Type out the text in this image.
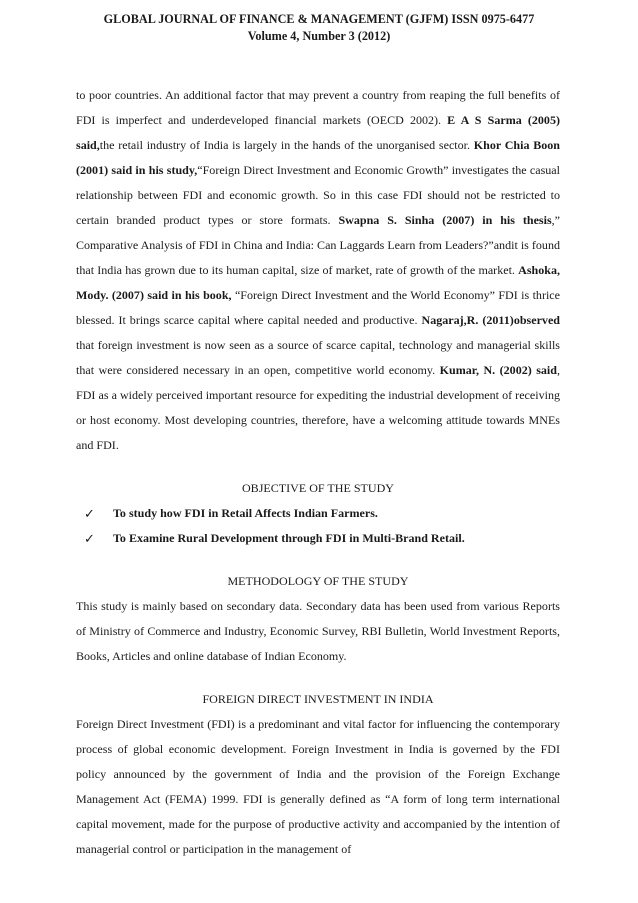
GLOBAL JOURNAL OF FINANCE & MANAGEMENT (GJFM) ISSN 0975-6477
Volume 4, Number 3 (2012)

to poor countries. An additional factor that may prevent a country from reaping the full benefits of FDI is imperfect and underdeveloped financial markets (OECD 2002). E A S Sarma (2005) said,the retail industry of India is largely in the hands of the unorganised sector. Khor Chia Boon (2001) said in his study,“Foreign Direct Investment and Economic Growth” investigates the casual relationship between FDI and economic growth. So in this case FDI should not be restricted to certain branded product types or store formats. Swapna S. Sinha (2007) in his thesis,” Comparative Analysis of FDI in China and India: Can Laggards Learn from Leaders?”andit is found that India has grown due to its human capital, size of market, rate of growth of the market. Ashoka, Mody. (2007) said in his book, “Foreign Direct Investment and the World Economy” FDI is thrice blessed. It brings scarce capital where capital needed and productive. Nagaraj,R. (2011)observed that foreign investment is now seen as a source of scarce capital, technology and managerial skills that were considered necessary in an open, competitive world economy. Kumar, N. (2002) said, FDI as a widely perceived important resource for expediting the industrial development of receiving or host economy. Most developing countries, therefore, have a welcoming attitude towards MNEs and FDI.

OBJECTIVE OF THE STUDY

✓ To study how FDI in Retail Affects Indian Farmers.
✓ To Examine Rural Development through FDI in Multi-Brand Retail.

METHODOLOGY OF THE STUDY

This study is mainly based on secondary data. Secondary data has been used from various Reports of Ministry of Commerce and Industry, Economic Survey, RBI Bulletin, World Investment Reports, Books, Articles and online database of Indian Economy.

FOREIGN DIRECT INVESTMENT IN INDIA

Foreign Direct Investment (FDI) is a predominant and vital factor for influencing the contemporary process of global economic development. Foreign Investment in India is governed by the FDI policy announced by the government of India and the provision of the Foreign Exchange Management Act (FEMA) 1999. FDI is generally defined as “A form of long term international capital movement, made for the purpose of productive activity and accompanied by the intention of managerial control or participation in the management of
